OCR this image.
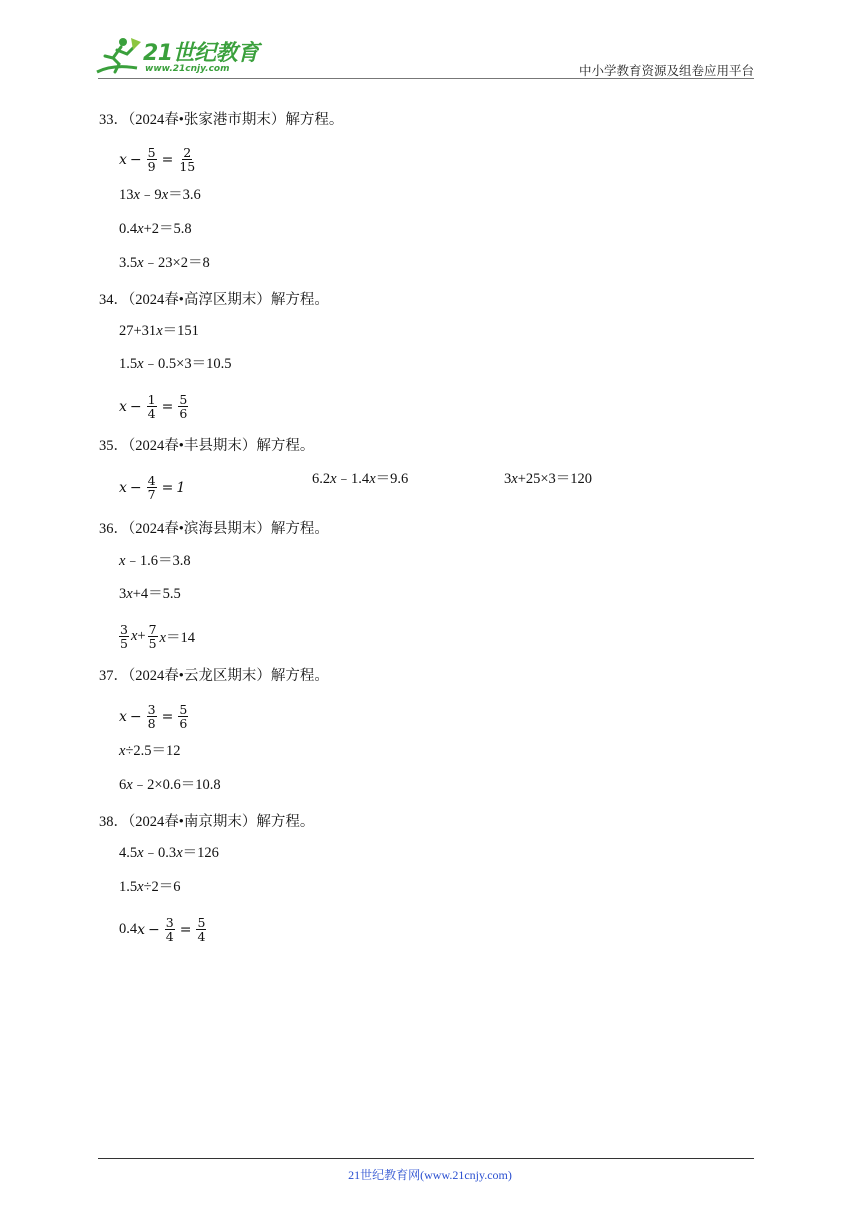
21世纪教育
www.21cnjy.com	中小学教育资源及组卷应用平台
33．（2024春•张家港市期末）解方程。
$x - \frac{5}{9} = \frac{2}{15}$
13x﹣9x＝3.6
0.4x+2＝5.8
3.5x﹣23×2＝8
34．（2024春•高淳区期末）解方程。
27+31x＝151
1.5x﹣0.5×3＝10.5
$x - \frac{1}{4} = \frac{5}{6}$
35．（2024春•丰县期末）解方程。
$x - \frac{4}{7} = 1$
6.2x﹣1.4x＝9.6	3x+25×3＝120
36．（2024春•滨海县期末）解方程。
x﹣1.6＝3.8
3x+4＝5.5
$\frac{3}{5} x+ \frac{7}{5} x=14$
37．（2024春•云龙区期末）解方程。
$x - \frac{3}{8} = \frac{5}{6}$
x÷2.5＝12
6x﹣2×0.6＝10.8
38．（2024春•南京期末）解方程。
4.5x﹣0.3x＝126
1.5x÷2＝6
0.4 $x - \frac{3}{4} = \frac{5}{4}$
21世纪教育网(www.21cnjy.com)
